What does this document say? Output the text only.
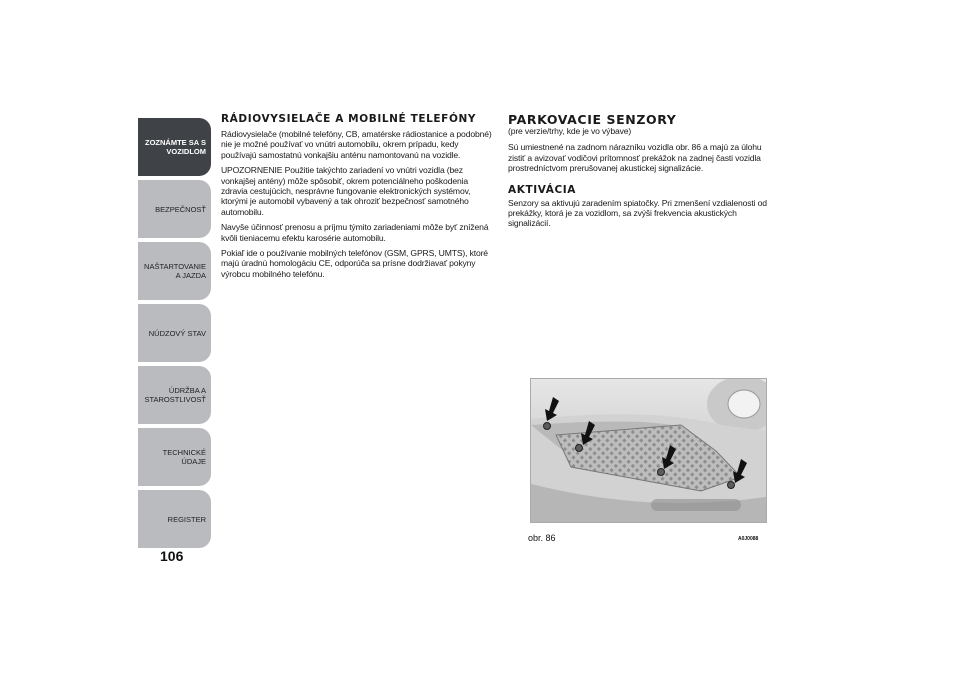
ZOZNÁMTE SA S VOZIDLOM
BEZPEČNOSŤ
NAŠTARTOVANIE A JAZDA
NÚDZOVÝ STAV
ÚDRŽBA A STAROSTLIVOSŤ
TECHNICKÉ ÚDAJE
REGISTER
106
RÁDIOVYSIELAČE A MOBILNÉ TELEFÓNY

Rádiovysielače (mobilné telefóny, CB, amatérske rádiostanice a podobné) nie je možné používať vo vnútri automobilu, okrem prípadu, kedy používajú samostatnú vonkajšiu anténu namontovanú na vozidle.

UPOZORNENIE Použitie takýchto zariadení vo vnútri vozidla (bez vonkajšej antény) môže spôsobiť, okrem potenciálneho poškodenia zdravia cestujúcich, nesprávne fungovanie elektronických systémov, ktorými je automobil vybavený a tak ohroziť bezpečnosť samotného automobilu.

Navyše účinnosť prenosu a príjmu týmito zariadeniami môže byť znížená kvôli tieniacemu efektu karosérie automobilu.

Pokiaľ ide o používanie mobilných telefónov (GSM, GPRS, UMTS), ktoré majú úradnú homologáciu CE, odporúča sa prísne dodržiavať pokyny výrobcu mobilného telefónu.

PARKOVACIE SENZORY

(pre verzie/trhy, kde je vo výbave)

Sú umiestnené na zadnom nárazníku vozidla obr. 86 a majú za úlohu zistiť a avizovať vodičovi prítomnosť prekážok na zadnej časti vozidla prostredníctvom prerušovanej akustickej signalizácie.

AKTIVÁCIA

Senzory sa aktivujú zaradením spiatočky. Pri zmenšení vzdialenosti od prekážky, ktorá je za vozidlom, sa zvýši frekvencia akustických signalizácií.

obr. 86	A0J0088
